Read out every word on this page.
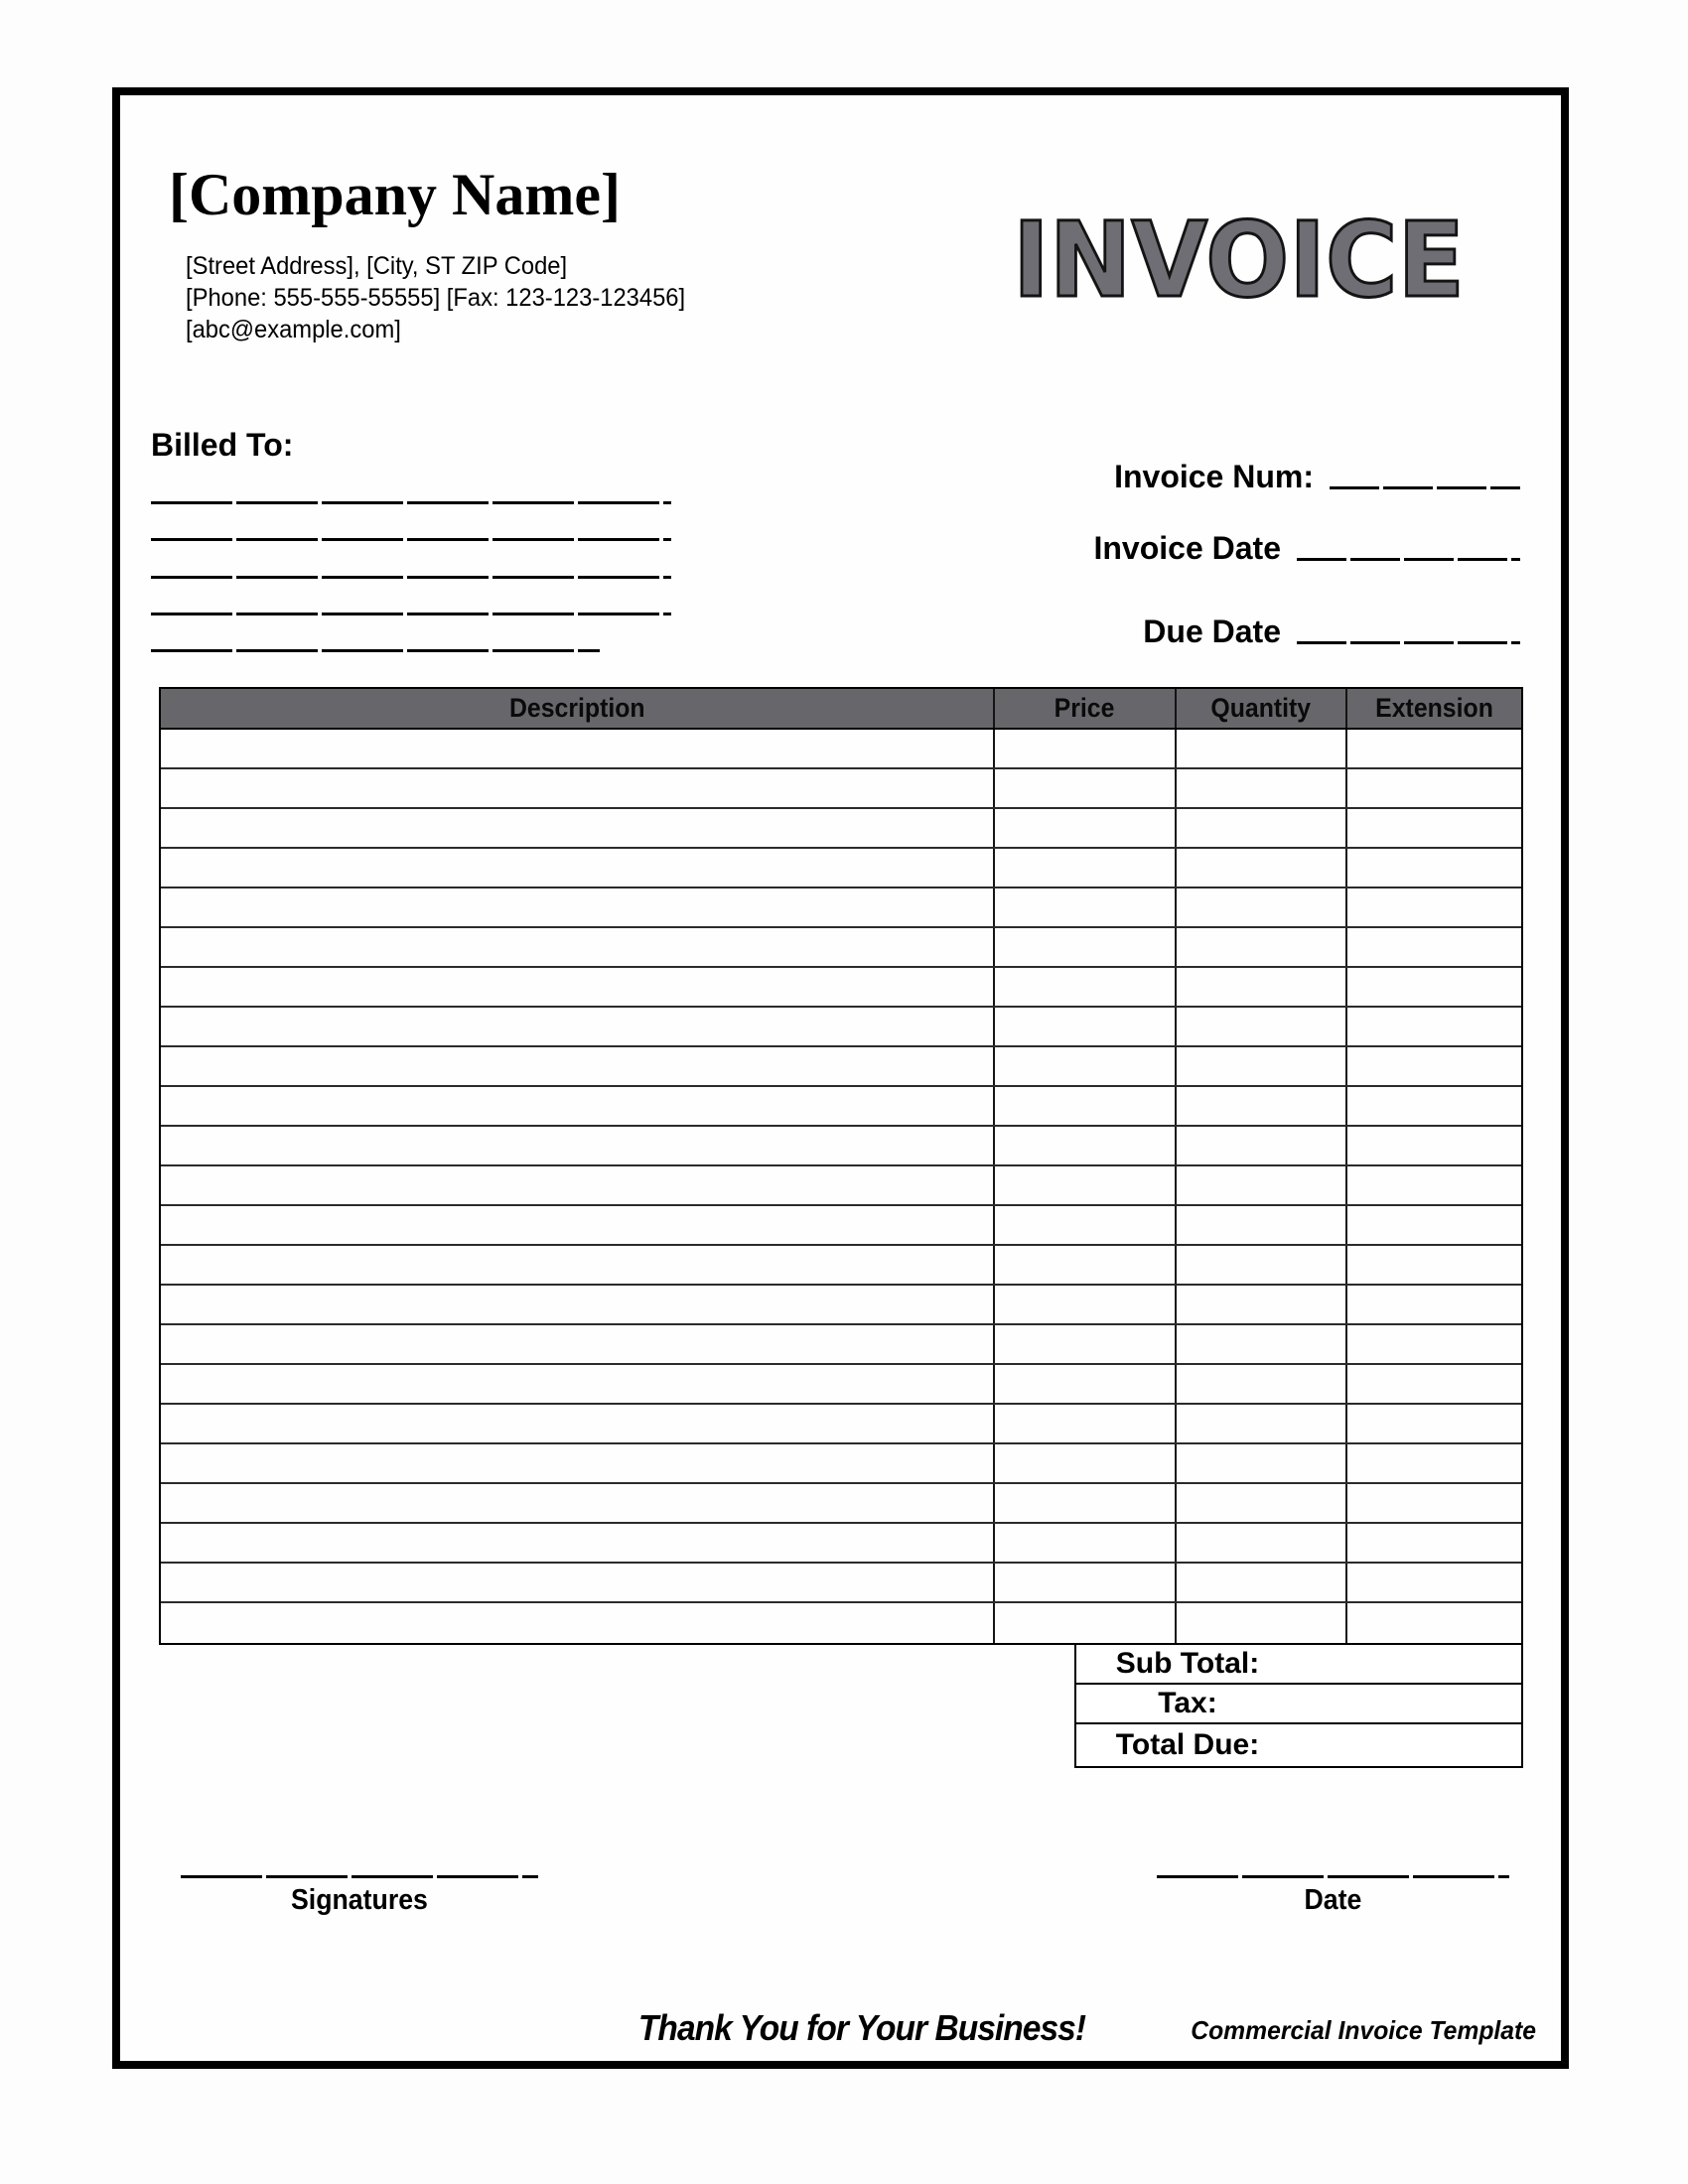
[Company Name]
[Street Address], [City, ST ZIP Code]
[Phone: 555-555-55555] [Fax: 123-123-123456]
[abc@example.com]
INVOICE
Billed To:
Invoice Num:
Invoice Date
Due Date
Description	Price	Quantity Extension
Sub Total:
Tax:
Total Due:
Signatures	Date
Thank You for Your Business!	Commercial Invoice Template
